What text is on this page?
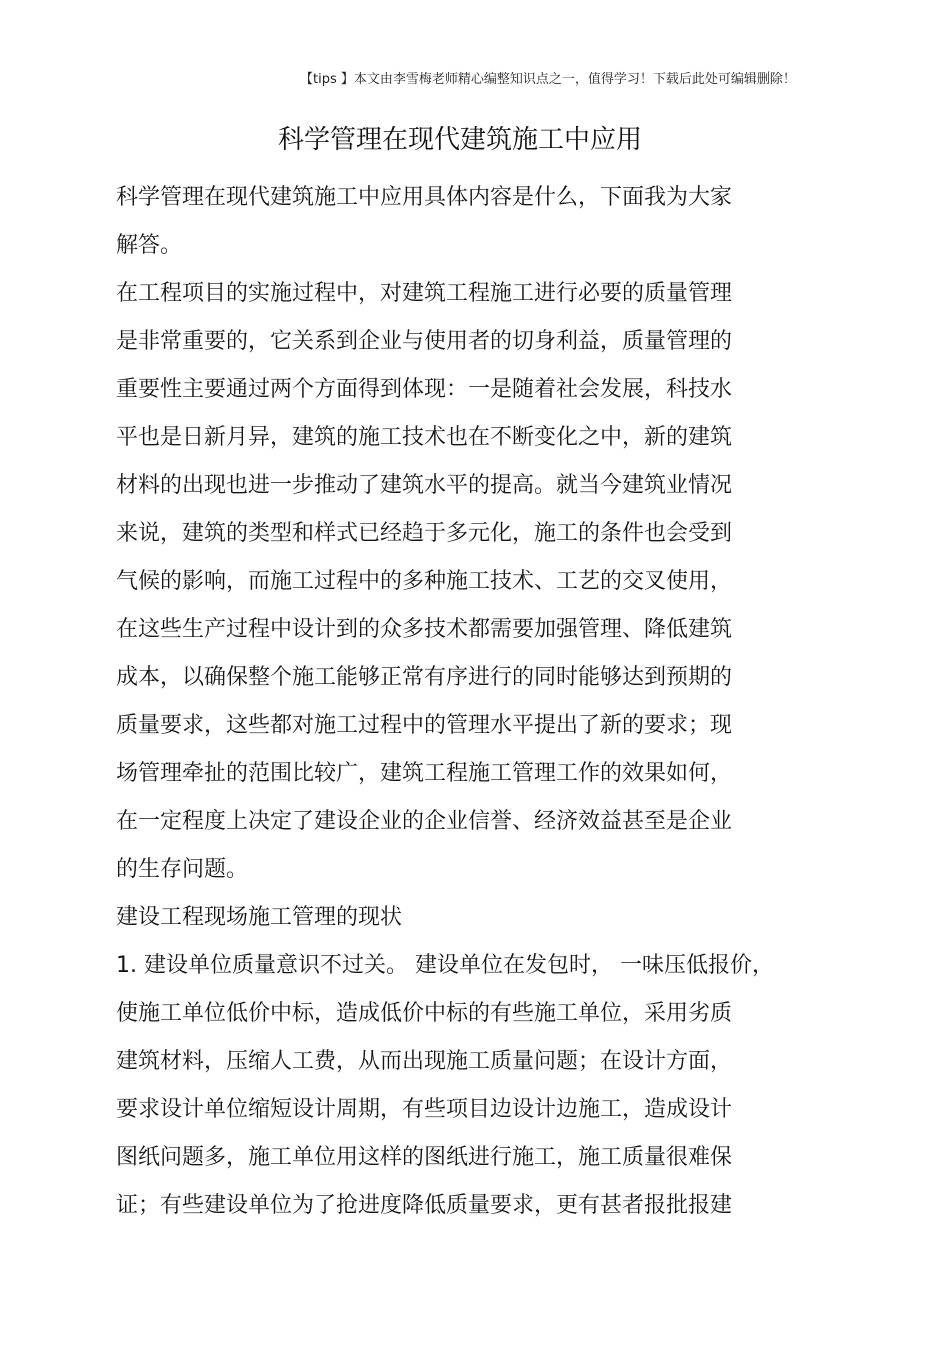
【tips 】本文由李雪梅老师精心编整知识点之一，值得学习！下载后此处可编辑删除！
科学管理在现代建筑施工中应用
科学管理在现代建筑施工中应用具体内容是什么，下面我为大家
解答。
在工程项目的实施过程中，对建筑工程施工进行必要的质量管理
是非常重要的，它关系到企业与使用者的切身利益，质量管理的
重要性主要通过两个方面得到体现：一是随着社会发展，科技水
平也是日新月异，建筑的施工技术也在不断变化之中，新的建筑
材料的出现也进一步推动了建筑水平的提高。就当今建筑业情况
来说，建筑的类型和样式已经趋于多元化，施工的条件也会受到
气候的影响，而施工过程中的多种施工技术、工艺的交叉使用，
在这些生产过程中设计到的众多技术都需要加强管理、降低建筑
成本，以确保整个施工能够正常有序进行的同时能够达到预期的
质量要求，这些都对施工过程中的管理水平提出了新的要求；现
场管理牵扯的范围比较广，建筑工程施工管理工作的效果如何，
在一定程度上决定了建设企业的企业信誉、经济效益甚至是企业
的生存问题。
建设工程现场施工管理的现状
1. 建设单位质量意识不过关。 建设单位在发包时， 一味压低报价，
使施工单位低价中标，造成低价中标的有些施工单位，采用劣质
建筑材料，压缩人工费，从而出现施工质量问题；在设计方面，
要求设计单位缩短设计周期，有些项目边设计边施工，造成设计
图纸问题多，施工单位用这样的图纸进行施工，施工质量很难保
证；有些建设单位为了抢进度降低质量要求，更有甚者报批报建
